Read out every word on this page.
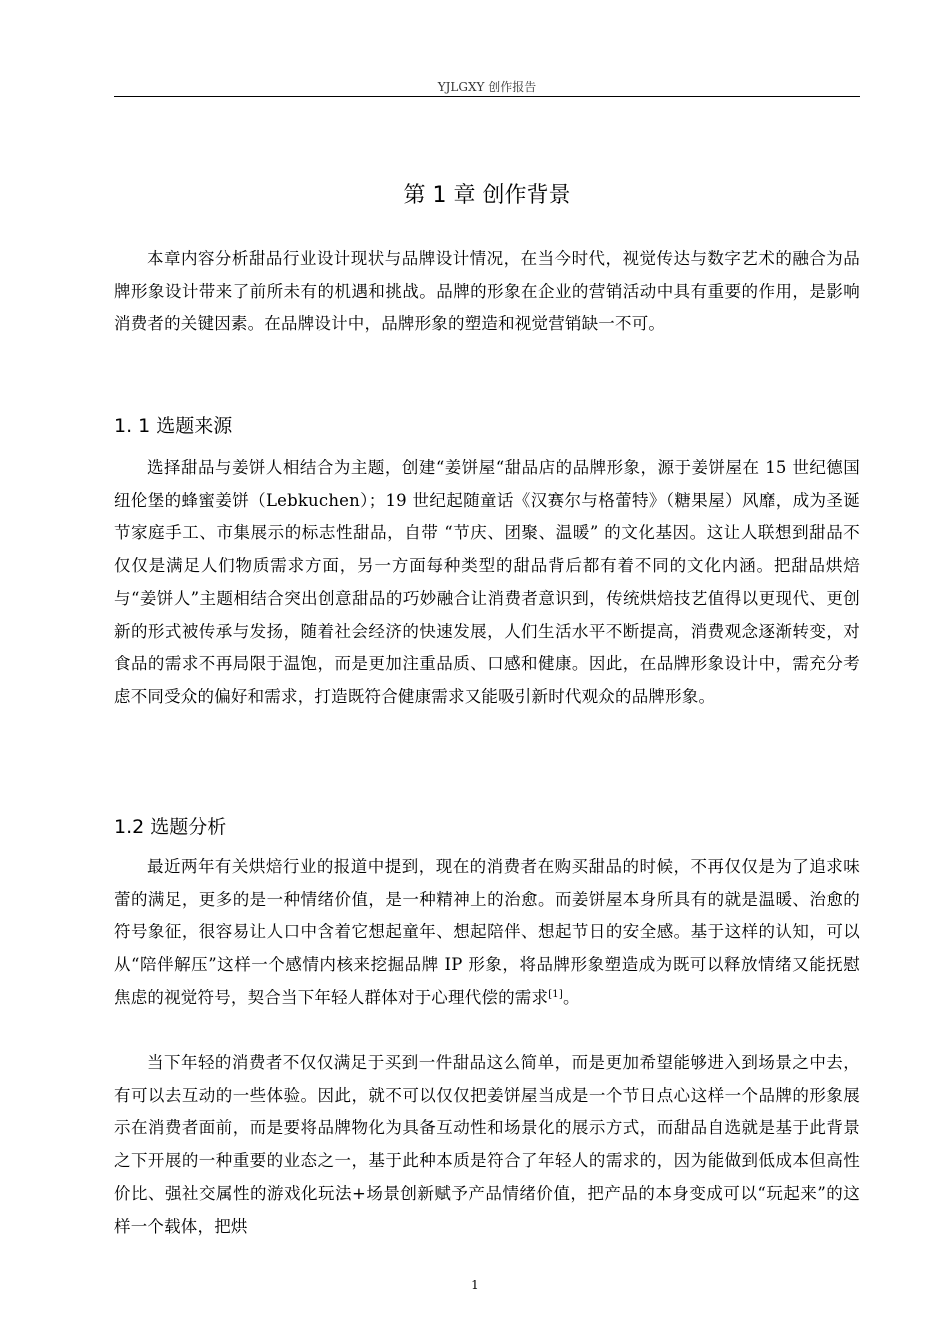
YJLGXY 创作报告
第 1 章 创作背景

本章内容分析甜品行业设计现状与品牌设计情况，在当今时代，视觉传达与数字艺术的融合为品牌形象设计带来了前所未有的机遇和挑战。品牌的形象在企业的营销活动中具有重要的作用，是影响消费者的关键因素。在品牌设计中，品牌形象的塑造和视觉营销缺一不可。

1. 1 选题来源

选择甜品与姜饼人相结合为主题，创建“姜饼屋“甜品店的品牌形象，源于姜饼屋在 15 世纪德国纽伦堡的蜂蜜姜饼（Lebkuchen）；19 世纪起随童话《汉赛尔与格蕾特》（糖果屋）风靡，成为圣诞节家庭手工、市集展示的标志性甜品，自带 “节庆、团聚、温暖” 的文化基因。这让人联想到甜品不仅仅是满足人们物质需求方面，另一方面每种类型的甜品背后都有着不同的文化内涵。把甜品烘焙与“姜饼人”主题相结合突出创意甜品的巧妙融合让消费者意识到，传统烘焙技艺值得以更现代、更创新的形式被传承与发扬，随着社会经济的快速发展，人们生活水平不断提高，消费观念逐渐转变，对食品的需求不再局限于温饱，而是更加注重品质、口感和健康。因此，在品牌形象设计中，需充分考虑不同受众的偏好和需求，打造既符合健康需求又能吸引新时代观众的品牌形象。

1.2 选题分析

最近两年有关烘焙行业的报道中提到，现在的消费者在购买甜品的时候，不再仅仅是为了追求味蕾的满足，更多的是一种情绪价值，是一种精神上的治愈。而姜饼屋本身所具有的就是温暖、治愈的符号象征，很容易让人口中含着它想起童年、想起陪伴、想起节日的安全感。基于这样的认知，可以从“陪伴解压”这样一个感情内核来挖掘品牌 IP 形象，将品牌形象塑造成为既可以释放情绪又能抚慰焦虑的视觉符号，契合当下年轻人群体对于心理代偿的需求[1]。

当下年轻的消费者不仅仅满足于买到一件甜品这么简单，而是更加希望能够进入到场景之中去，有可以去互动的一些体验。因此，就不可以仅仅把姜饼屋当成是一个节日点心这样一个品牌的形象展示在消费者面前，而是要将品牌物化为具备互动性和场景化的展示方式，而甜品自选就是基于此背景之下开展的一种重要的业态之一，基于此种本质是符合了年轻人的需求的，因为能做到低成本但高性价比、强社交属性的游戏化玩法+场景创新赋予产品情绪价值，把产品的本身变成可以“玩起来”的这样一个载体，把烘

1
